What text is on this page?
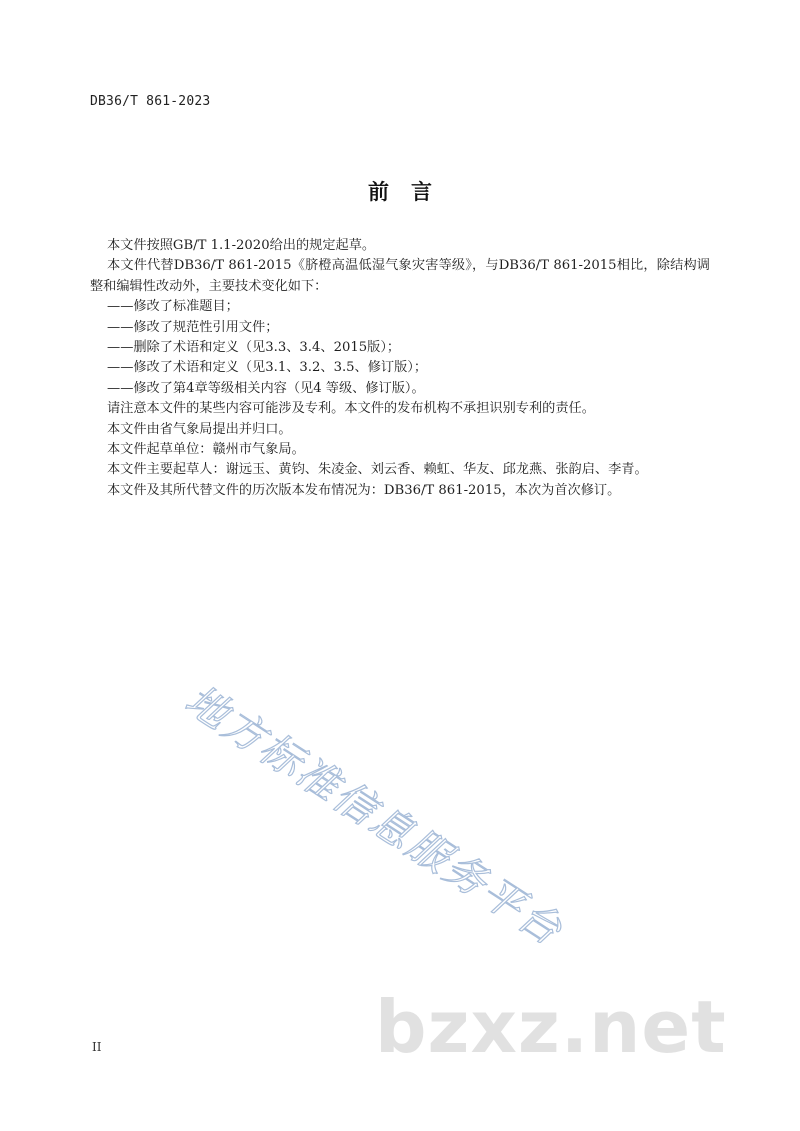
DB36/T 861-2023
前言

本文件按照GB/T 1.1-2020给出的规定起草。

本文件代替DB36/T 861-2015《脐橙高温低湿气象灾害等级》，与DB36/T 861-2015相比，除结构调整和编辑性改动外，主要技术变化如下：

——修改了标准题目；

——修改了规范性引用文件；

——删除了术语和定义（见3.3、3.4、2015版）；

——修改了术语和定义（见3.1、3.2、3.5、修订版）；

——修改了第4章等级相关内容（见4 等级、修订版）。

请注意本文件的某些内容可能涉及专利。本文件的发布机构不承担识别专利的责任。

本文件由省气象局提出并归口。

本文件起草单位：赣州市气象局。

本文件主要起草人：谢远玉、黄钧、朱凌金、刘云香、赖虹、华友、邱龙燕、张韵启、李青。

本文件及其所代替文件的历次版本发布情况为：DB36/T 861-2015，本次为首次修订。

地方标准信息服务平台
bzxz.net
II
